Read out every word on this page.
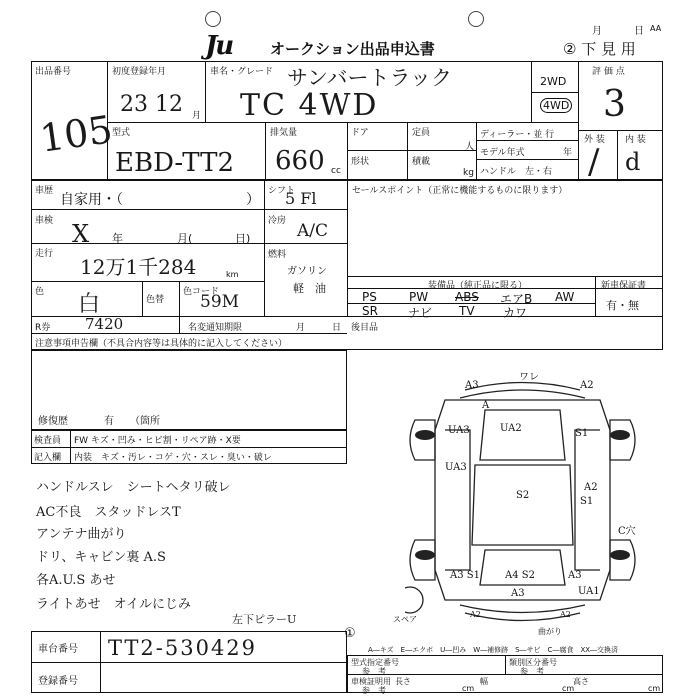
Ju	オークション出品申込書
月	日 AA
② 下 見 用
出品番号
105
初度登録年月
23 12 月
車名・グレード サンバートラック
TC 4WD
2WD
4WD
評 価 点
3
外 装 内 装
/ d
型式
EBD-TT2
排気量
660 cc
ドア	定員
人
形状	積載
kg
ディーラー・並 行
モデル年式	年
ハンドル　左・右
車歴
自家用・（	）
シフト
5 Fl	セールスポイント（正常に機能するものに限ります）
車検 X 年	月(	日)
冷房 A/C
走行
12万1千284	km
燃料
ガソリン
軽　油
色 白	色替
色コード
59M
装備品（純正品に限る）	新車保証書
有・無
PS	PW ABS エアB AW
SR	ナビ TV カワ
後目品
R券 7420	名変通知期限	月	日
注意事項申告欄（不具合内容等は具体的に記入してください）
修復歴	有 （箇所
検査員 FW キズ・凹み・ヒビ割・リペア跡・X要
記入欄 内装　キズ・汚レ・コゲ・穴・スレ・臭い・破レ
ハンドルスレ　シートヘタリ破レ
AC不良　スタッドレスT
アンテナ曲がり
ドリ、キャビン裏 A.S
各A.U.S あせ
ライトあせ　オイルにじみ
左下ピラーU
車台番号 TT2-530429
①
登録番号
A―キズ　E―エクボ　U―凹み　W―補修跡　S―サビ　C―腐食　XX―交換済
型式指定番号
参　考
類別区分番号
参　考
車検証明用
参　考
長さ
cm
幅
cm
高さ
cm
A3
ワレ
A2
A
UA3	UA2	S1
UA3
S2
A2
S1
C穴
A3 S1	A4 S2
A3
A3
UA1
スペア
曲がり
A2	A2
